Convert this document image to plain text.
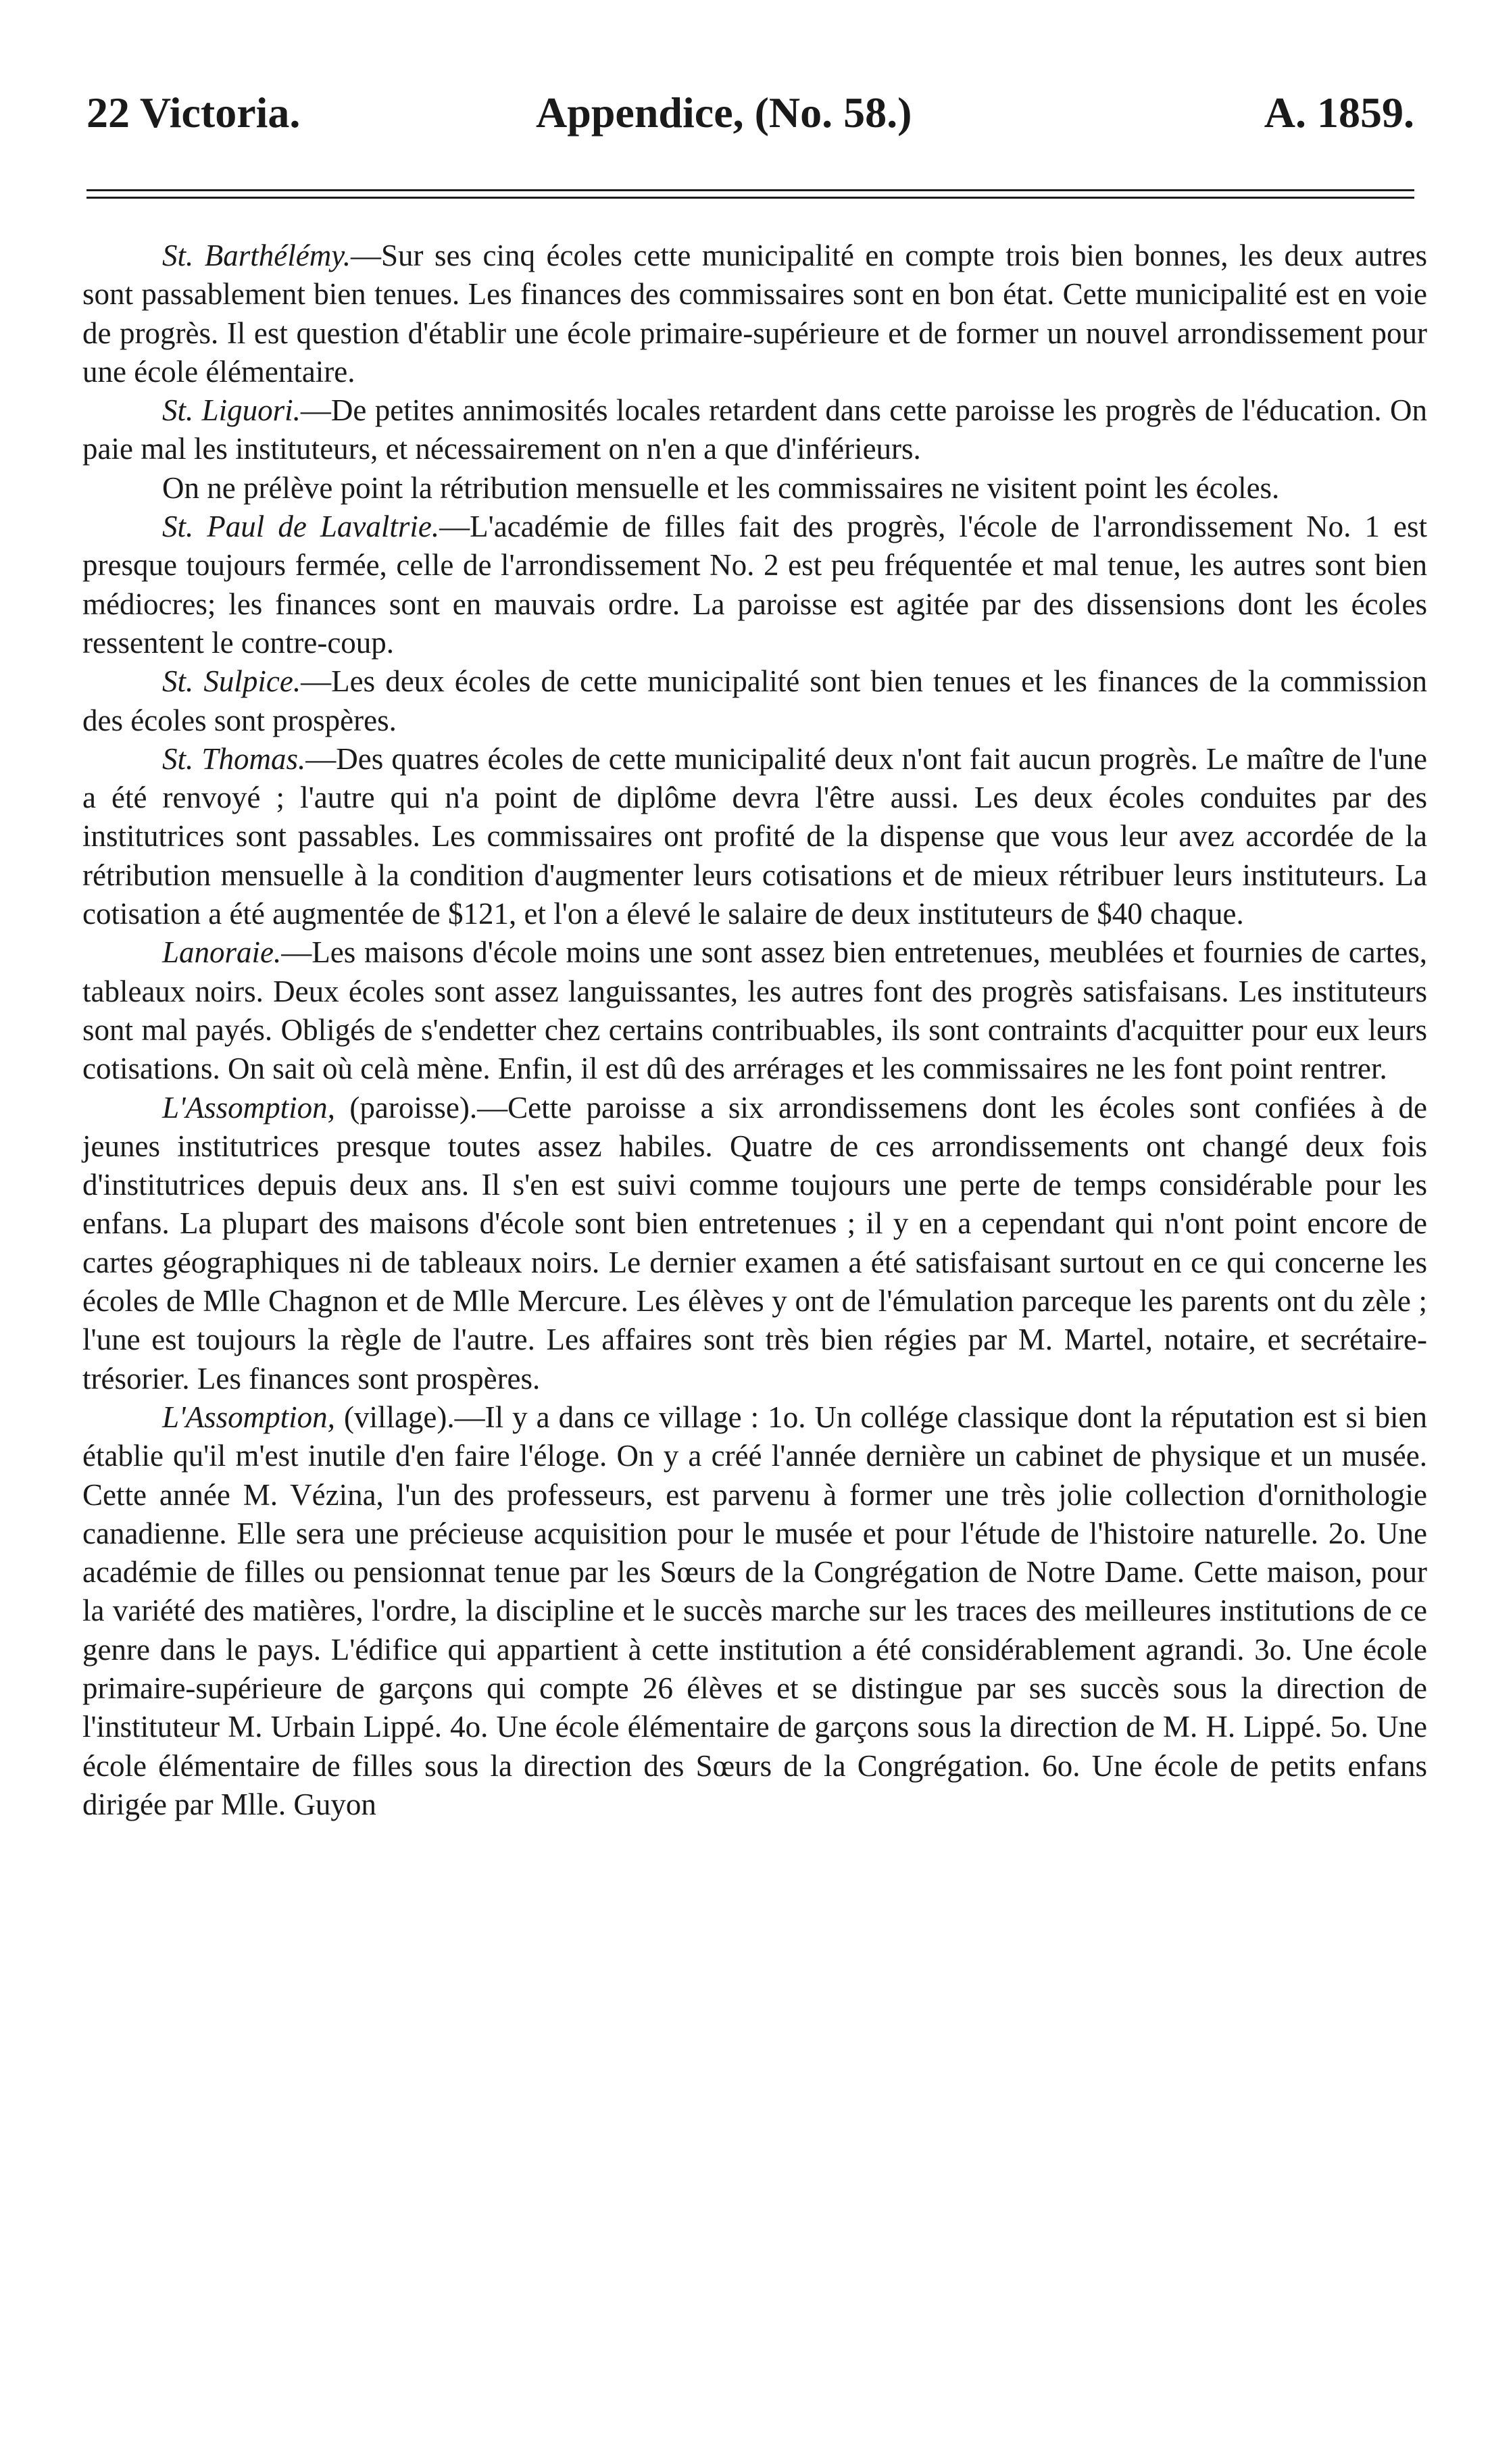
22 Victoria.	Appendice, (No. 58.)	A. 1859.

St. Barthélémy.—Sur ses cinq écoles cette municipalité en compte trois bien bonnes, les deux autres sont passablement bien tenues. Les finances des commissaires sont en bon état. Cette municipalité est en voie de progrès. Il est question d'établir une école primaire-supérieure et de former un nouvel arrondissement pour une école élémentaire.

St. Liguori.—De petites annimosités locales retardent dans cette paroisse les progrès de l'éducation. On paie mal les instituteurs, et nécessairement on n'en a que d'inférieurs.

On ne prélève point la rétribution mensuelle et les commissaires ne visitent point les écoles.

St. Paul de Lavaltrie.—L'académie de filles fait des progrès, l'école de l'arrondissement No. 1 est presque toujours fermée, celle de l'arrondissement No. 2 est peu fréquentée et mal tenue, les autres sont bien médiocres; les finances sont en mauvais ordre. La paroisse est agitée par des dissensions dont les écoles ressentent le contre-coup.

St. Sulpice.—Les deux écoles de cette municipalité sont bien tenues et les finances de la commission des écoles sont prospères.

St. Thomas.—Des quatres écoles de cette municipalité deux n'ont fait aucun progrès. Le maître de l'une a été renvoyé ; l'autre qui n'a point de diplôme devra l'être aussi. Les deux écoles conduites par des institutrices sont passables. Les commissaires ont profité de la dispense que vous leur avez accordée de la rétribution mensuelle à la condition d'augmenter leurs cotisations et de mieux rétribuer leurs instituteurs. La cotisation a été augmentée de $121, et l'on a élevé le salaire de deux instituteurs de $40 chaque.

Lanoraie.—Les maisons d'école moins une sont assez bien entretenues, meublées et fournies de cartes, tableaux noirs. Deux écoles sont assez languissantes, les autres font des progrès satisfaisans. Les instituteurs sont mal payés. Obligés de s'endetter chez certains contribuables, ils sont contraints d'acquitter pour eux leurs cotisations. On sait où celà mène. Enfin, il est dû des arrérages et les commissaires ne les font point rentrer.

L'Assomption, (paroisse).—Cette paroisse a six arrondissemens dont les écoles sont confiées à de jeunes institutrices presque toutes assez habiles. Quatre de ces arrondissements ont changé deux fois d'institutrices depuis deux ans. Il s'en est suivi comme toujours une perte de temps considérable pour les enfans. La plupart des maisons d'école sont bien entretenues ; il y en a cependant qui n'ont point encore de cartes géographiques ni de tableaux noirs. Le dernier examen a été satisfaisant surtout en ce qui concerne les écoles de Mlle Chagnon et de Mlle Mercure. Les élèves y ont de l'émulation parceque les parents ont du zèle ; l'une est toujours la règle de l'autre. Les affaires sont très bien régies par M. Martel, notaire, et secrétaire-trésorier. Les finances sont prospères.

L'Assomption, (village).—Il y a dans ce village : 1o. Un collége classique dont la réputation est si bien établie qu'il m'est inutile d'en faire l'éloge. On y a créé l'année dernière un cabinet de physique et un musée. Cette année M. Vézina, l'un des professeurs, est parvenu à former une très jolie collection d'ornithologie canadienne. Elle sera une précieuse acquisition pour le musée et pour l'étude de l'histoire naturelle. 2o. Une académie de filles ou pensionnat tenue par les Sœurs de la Congrégation de Notre Dame. Cette maison, pour la variété des matières, l'ordre, la discipline et le succès marche sur les traces des meilleures institutions de ce genre dans le pays. L'édifice qui appartient à cette institution a été considérablement agrandi. 3o. Une école primaire-supérieure de garçons qui compte 26 élèves et se distingue par ses succès sous la direction de l'instituteur M. Urbain Lippé. 4o. Une école élémentaire de garçons sous la direction de M. H. Lippé. 5o. Une école élémentaire de filles sous la direction des Sœurs de la Congrégation. 6o. Une école de petits enfans dirigée par Mlle. Guyon
